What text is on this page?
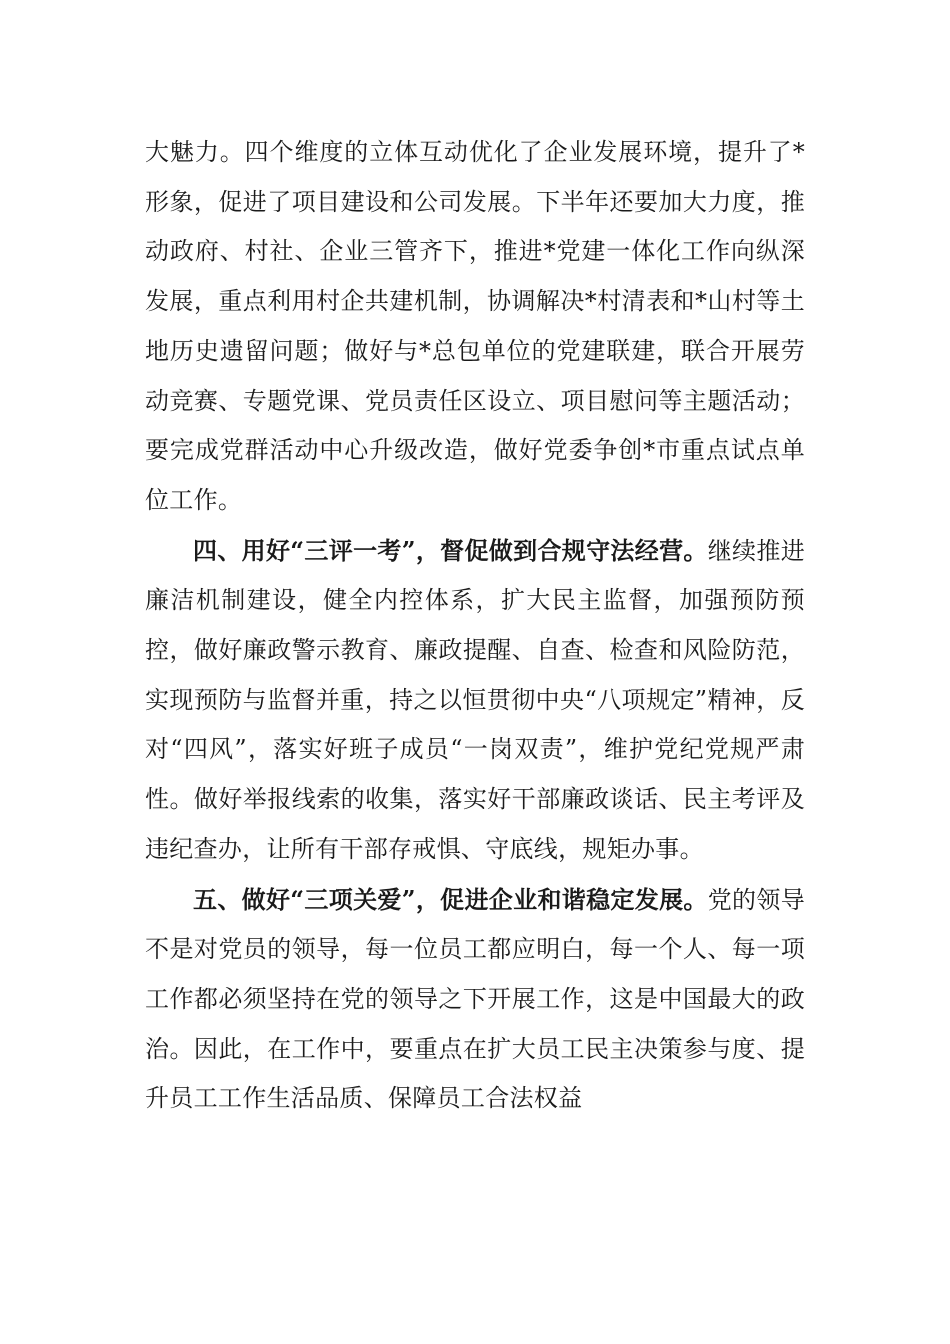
大魅力。四个维度的立体互动优化了企业发展环境，提升了*形象，促进了项目建设和公司发展。下半年还要加大力度，推动政府、村社、企业三管齐下，推进*党建一体化工作向纵深发展，重点利用村企共建机制，协调解决*村清表和*山村等土地历史遗留问题；做好与*总包单位的党建联建，联合开展劳动竞赛、专题党课、党员责任区设立、项目慰问等主题活动；要完成党群活动中心升级改造，做好党委争创*市重点试点单位工作。

四、用好“三评一考”，督促做到合规守法经营。继续推进廉洁机制建设，健全内控体系，扩大民主监督，加强预防预控，做好廉政警示教育、廉政提醒、自查、检查和风险防范，实现预防与监督并重，持之以恒贯彻中央“八项规定”精神，反对“四风”，落实好班子成员“一岗双责”，维护党纪党规严肃性。做好举报线索的收集，落实好干部廉政谈话、民主考评及违纪查办，让所有干部存戒惧、守底线，规矩办事。

五、做好“三项关爱”，促进企业和谐稳定发展。党的领导不是对党员的领导，每一位员工都应明白，每一个人、每一项工作都必须坚持在党的领导之下开展工作，这是中国最大的政治。因此，在工作中，要重点在扩大员工民主决策参与度、提升员工工作生活品质、保障员工合法权益
